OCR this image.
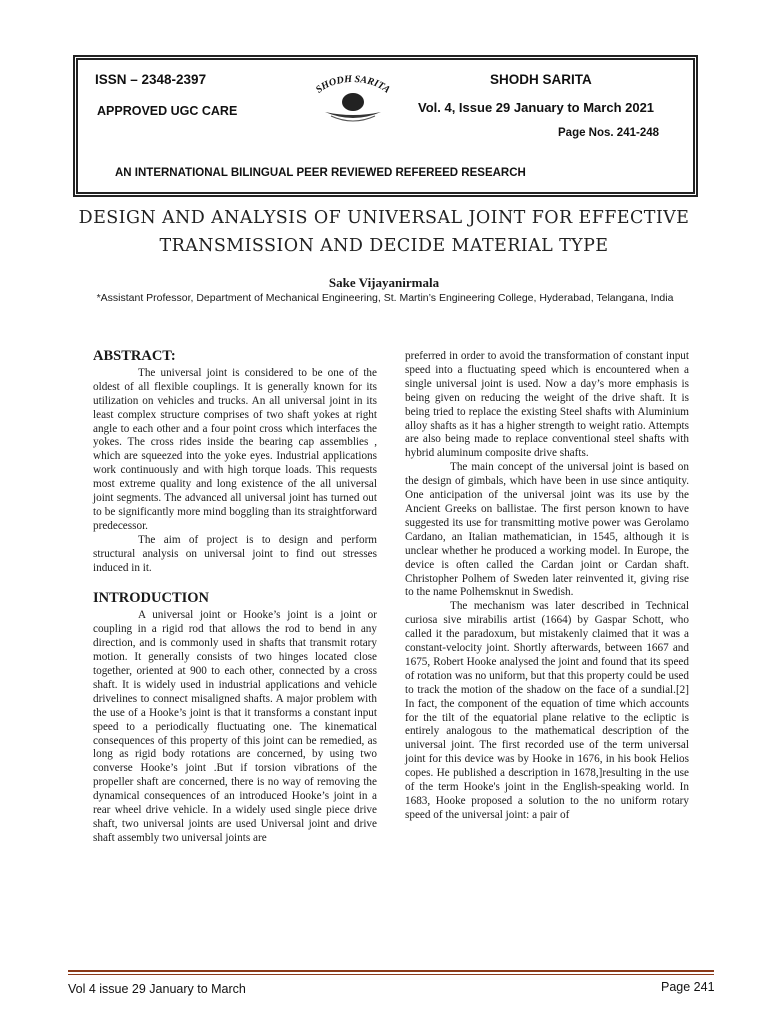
ISSN – 2348-2397
APPROVED UGC CARE
SHODH SARITA
Vol. 4, Issue 29 January to March 2021
Page Nos. 241-248
AN INTERNATIONAL BILINGUAL PEER REVIEWED REFEREED RESEARCH
SHODH SARITA
DESIGN AND ANALYSIS OF UNIVERSAL JOINT FOR EFFECTIVE
TRANSMISSION AND DECIDE MATERIAL TYPE
Sake Vijayanirmala
*Assistant Professor, Department of Mechanical Engineering, St. Martin’s Engineering College, Hyderabad, Telangana, India

ABSTRACT:

The universal joint is considered to be one of the oldest of all flexible couplings. It is generally known for its utilization on vehicles and trucks. An all universal joint in its least complex structure comprises of two shaft yokes at right angle to each other and a four point cross which interfaces the yokes. The cross rides inside the bearing cap assemblies , which are squeezed into the yoke eyes. Industrial applications work continuously and with high torque loads. This requests most extreme quality and long existence of the all universal joint segments. The advanced all universal joint has turned out to be significantly more mind boggling than its straightforward predecessor.

The aim of project is to design and perform structural analysis on universal joint to find out stresses induced in it.

INTRODUCTION

A universal joint or Hooke’s joint is a joint or coupling in a rigid rod that allows the rod to bend in any direction, and is commonly used in shafts that transmit rotary motion. It generally consists of two hinges located close together, oriented at 900 to each other, connected by a cross shaft. It is widely used in industrial applications and vehicle drivelines to connect misaligned shafts. A major problem with the use of a Hooke’s joint is that it transforms a constant input speed to a periodically fluctuating one. The kinematical consequences of this property of this joint can be remedied, as long as rigid body rotations are concerned, by using two converse Hooke’s joint .But if torsion vibrations of the propeller shaft are concerned, there is no way of removing the dynamical consequences of an introduced Hooke’s joint in a rear wheel drive vehicle. In a widely used single piece drive shaft, two universal joints are used Universal joint and drive shaft assembly two universal joints are

preferred in order to avoid the transformation of constant input speed into a fluctuating speed which is encountered when a single universal joint is used. Now a day’s more emphasis is being given on reducing the weight of the drive shaft. It is being tried to replace the existing Steel shafts with Aluminium alloy shafts as it has a higher strength to weight ratio. Attempts are also being made to replace conventional steel shafts with hybrid aluminum composite drive shafts.

The main concept of the universal joint is based on the design of gimbals, which have been in use since antiquity. One anticipation of the universal joint was its use by the Ancient Greeks on ballistae. The first person known to have suggested its use for transmitting motive power was Gerolamo Cardano, an Italian mathematician, in 1545, although it is unclear whether he produced a working model. In Europe, the device is often called the Cardan joint or Cardan shaft. Christopher Polhem of Sweden later reinvented it, giving rise to the name Polhemsknut in Swedish.

The mechanism was later described in Technical curiosa sive mirabilis artist (1664) by Gaspar Schott, who called it the paradoxum, but mistakenly claimed that it was a constant-velocity joint. Shortly afterwards, between 1667 and 1675, Robert Hooke analysed the joint and found that its speed of rotation was no uniform, but that this property could be used to track the motion of the shadow on the face of a sundial.[2] In fact, the component of the equation of time which accounts for the tilt of the equatorial plane relative to the ecliptic is entirely analogous to the mathematical description of the universal joint. The first recorded use of the term universal joint for this device was by Hooke in 1676, in his book Helios copes. He published a description in 1678,]resulting in the use of the term Hooke's joint in the English-speaking world. In 1683, Hooke proposed a solution to the no uniform rotary speed of the universal joint: a pair of

Vol 4 issue 29 January to March	Page 241
